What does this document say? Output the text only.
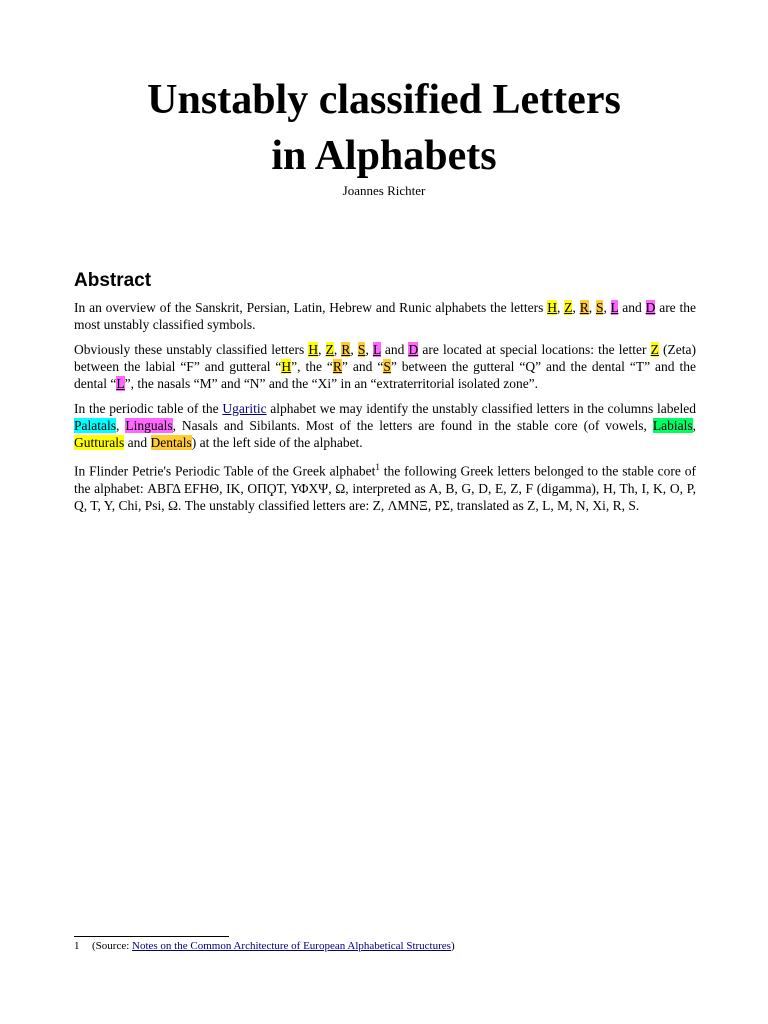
Unstably classified Letters
in Alphabets
Joannes Richter
Abstract

In an overview of the Sanskrit, Persian, Latin, Hebrew and Runic alphabets the letters H, Z, R, S, L and D are the most unstably classified symbols.

Obviously these unstably classified letters H, Z, R, S, L and D are located at special locations: the letter Z (Zeta) between the labial “F” and gutteral “H”, the “R” and “S” between the gutteral “Q” and the dental “T” and the dental “L”, the nasals “M” and “N” and the “Xi” in an “extraterritorial isolated zone”.

In the periodic table of the Ugaritic alphabet we may identify the unstably classified letters in the columns labeled Palatals, Linguals, Nasals and Sibilants. Most of the letters are found in the stable core (of vowels, Labials, Gutturals and Dentals) at the left side of the alphabet.

In Flinder Petrie's Periodic Table of the Greek alphabet$^1$ the following Greek letters belonged to the stable core of the alphabet: ΑΒΓΔ ΕFΗΘ, ΙΚ, ΟΠϘΤ, ΥΦΧΨ, Ω, interpreted as A, B, G, D, E, Z, F (digamma), H, Th, I, K, O, P, Q, T, Y, Chi, Psi, Ω. The unstably classified letters are: Z, ΛΜΝΞ, PΣ, translated as Z, L, M, N, Xi, R, S.

1 (Source: Notes on the Common Architecture of European Alphabetical Structures)
